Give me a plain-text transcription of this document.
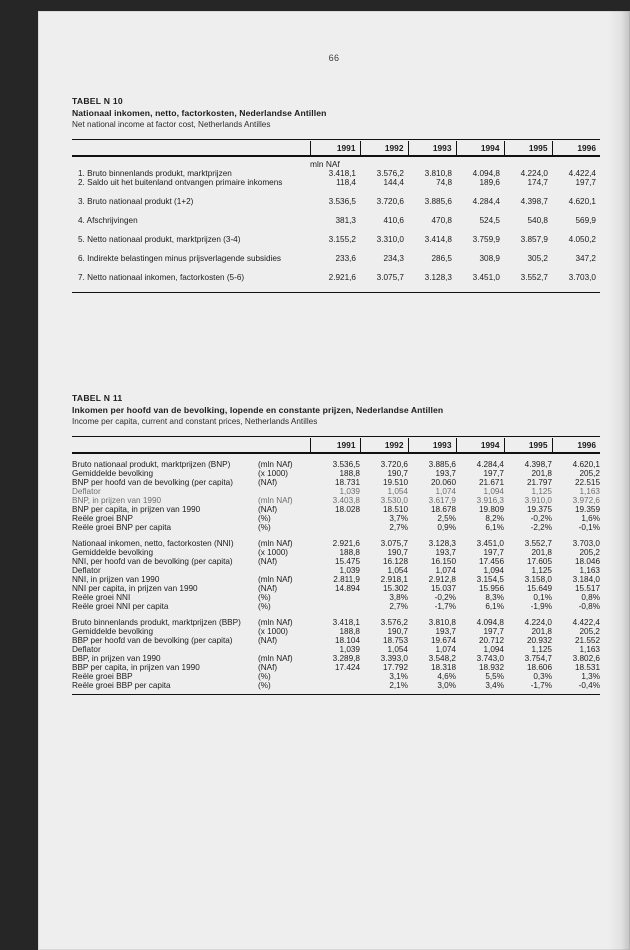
66
TABEL N 10
Nationaal inkomen, netto, factorkosten, Nederlandse Antillen
Net national income at factor cost, Netherlands Antilles

	1991	1992	1993	1994	1995	1996

	mln NAf					
1. Bruto binnenlands produkt, marktprijzen	3.418,1	3.576,2	3.810,8	4.094,8	4.224,0	4.422,4
2. Saldo uit het buitenland ontvangen primaire inkomens	118,4	144,4	74,8	189,6	174,7	197,7

3. Bruto nationaal produkt (1+2)	3.536,5	3.720,6	3.885,6	4.284,4	4.398,7	4.620,1

4. Afschrijvingen	381,3	410,6	470,8	524,5	540,8	569,9

5. Netto nationaal produkt, marktprijzen (3-4)	3.155,2	3.310,0	3.414,8	3.759,9	3.857,9	4.050,2

6. Indirekte belastingen minus prijsverlagende subsidies	233,6	234,3	286,5	308,9	305,2	347,2

7. Netto nationaal inkomen, factorkosten (5-6)	2.921,6	3.075,7	3.128,3	3.451,0	3.552,7	3.703,0

TABEL N 11
Inkomen per hoofd van de bevolking, lopende en constante prijzen, Nederlandse Antillen
Income per capita, current and constant prices, Netherlands Antilles

		1991	1992	1993	1994	1995	1996

Bruto nationaal produkt, marktprijzen (BNP)	(mln NAf)	3.536,5	3.720,6	3.885,6	4.284,4	4.398,7	4.620,1
Gemiddelde bevolking	(x 1000)	188,8	190,7	193,7	197,7	201,8	205,2
BNP per hoofd van de bevolking (per capita)	(NAf)	18.731	19.510	20.060	21.671	21.797	22.515
Deflator		1,039	1,054	1,074	1,094	1,125	1,163
BNP, in prijzen van 1990	(mln NAf)	3.403,8	3.530,0	3.617,9	3.916,3	3.910,0	3.972,6
BNP per capita, in prijzen van 1990	(NAf)	18.028	18.510	18.678	19.809	19.375	19.359
Reële groei BNP	(%)		3,7%	2,5%	8,2%	-0,2%	1,6%
Reële groei BNP per capita	(%)		2,7%	0,9%	6,1%	-2,2%	-0,1%

Nationaal inkomen, netto, factorkosten (NNI)	(mln NAf)	2.921,6	3.075,7	3.128,3	3.451,0	3.552,7	3.703,0
Gemiddelde bevolking	(x 1000)	188,8	190,7	193,7	197,7	201,8	205,2
NNI, per hoofd van de bevolking (per capita)	(NAf)	15.475	16.128	16.150	17.456	17.605	18.046
Deflator		1,039	1,054	1,074	1,094	1,125	1,163
NNI, in prijzen van 1990	(mln NAf)	2.811,9	2.918,1	2.912,8	3.154,5	3.158,0	3.184,0
NNI per capita, in prijzen van 1990	(NAf)	14.894	15.302	15.037	15.956	15.649	15.517
Reële groei NNI	(%)		3,8%	-0,2%	8,3%	0,1%	0,8%
Reële groei NNI per capita	(%)		2,7%	-1,7%	6,1%	-1,9%	-0,8%

Bruto binnenlands produkt, marktprijzen (BBP)	(mln NAf)	3.418,1	3.576,2	3.810,8	4.094,8	4.224,0	4.422,4
Gemiddelde bevolking	(x 1000)	188,8	190,7	193,7	197,7	201,8	205,2
BBP per hoofd van de bevolking (per capita)	(NAf)	18.104	18.753	19.674	20.712	20.932	21.552
Deflator		1,039	1,054	1,074	1,094	1,125	1,163
BBP, in prijzen van 1990	(mln NAf)	3.289,8	3.393,0	3.548,2	3.743,0	3.754,7	3.802,6
BBP per capita, in prijzen van 1990	(NAf)	17.424	17.792	18.318	18.932	18.606	18.531
Reële groei BBP	(%)		3,1%	4,6%	5,5%	0,3%	1,3%
Reële groei BBP per capita	(%)		2,1%	3,0%	3,4%	-1,7%	-0,4%
